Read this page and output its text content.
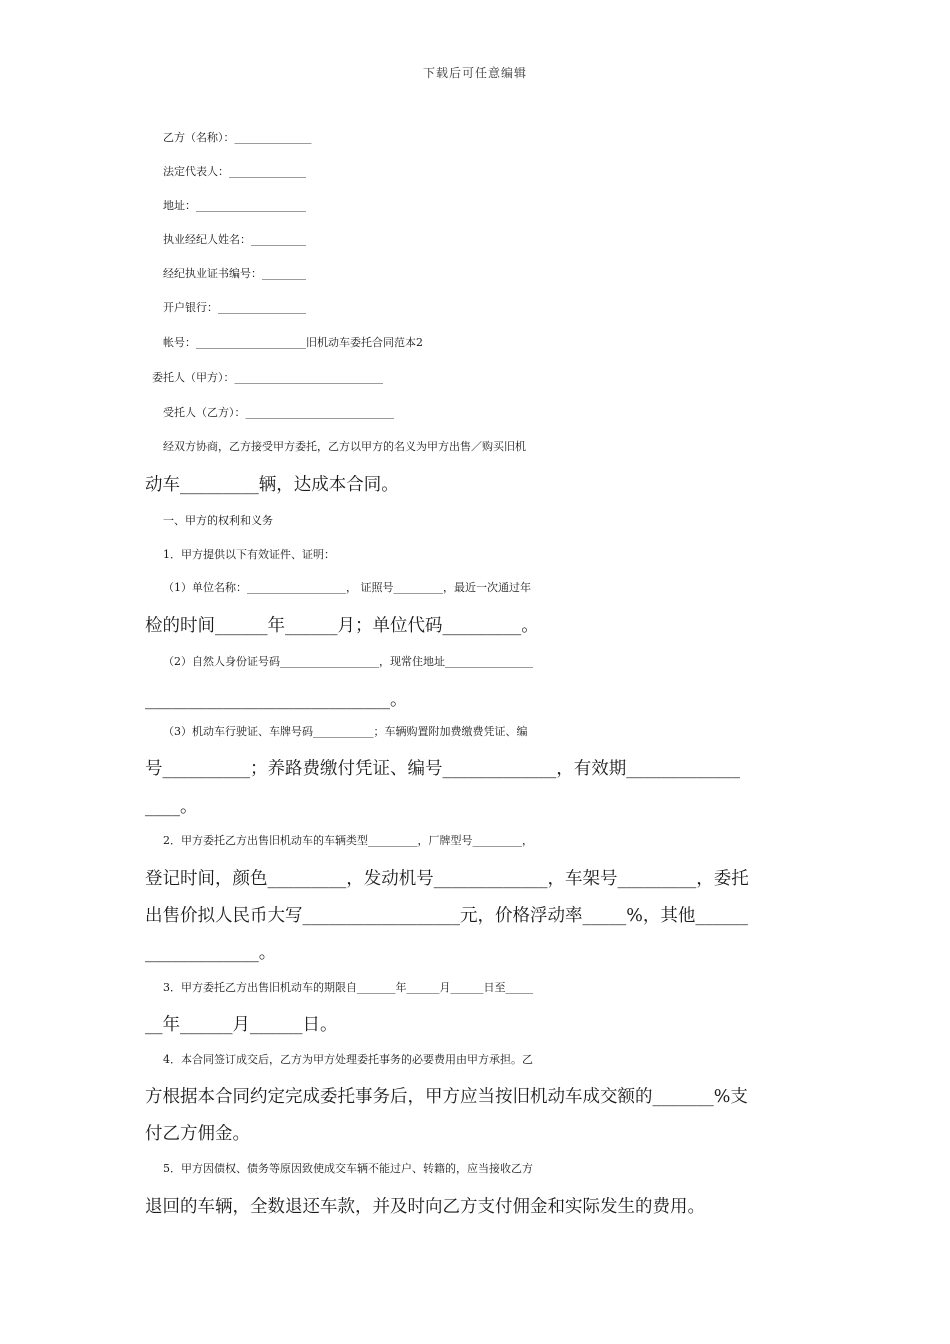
下载后可任意编辑
乙方（名称）：______________
法定代表人：______________
地址：____________________
执业经纪人姓名：__________
经纪执业证书编号：________
开户银行：________________
帐号：____________________旧机动车委托合同范本2
委托人（甲方）：___________________________
受托人（乙方）：___________________________
经双方协商，乙方接受甲方委托，乙方以甲方的名义为甲方出售／购买旧机
动车_________辆，达成本合同。
一、甲方的权利和义务
1．甲方提供以下有效证件、证明：
（1）单位名称：__________________， 证照号_________，最近一次通过年
检的时间______年______月；单位代码_________。
（2）自然人身份证号码__________________，现常住地址________________
____________________________。
（3）机动车行驶证、车牌号码___________；车辆购置附加费缴费凭证、编
号__________；养路费缴付凭证、编号_____________，有效期_____________
____。
2．甲方委托乙方出售旧机动车的车辆类型_________，厂牌型号_________，
登记时间，颜色_________，发动机号_____________，车架号_________，委托
出售价拟人民币大写__________________元，价格浮动率_____%，其他______
_____________。
3．甲方委托乙方出售旧机动车的期限自_______年______月______日至_____
__年______月______日。
4．本合同签订成交后，乙方为甲方处理委托事务的必要费用由甲方承担。乙
方根据本合同约定完成委托事务后，甲方应当按旧机动车成交额的_______%支
付乙方佣金。
5．甲方因债权、债务等原因致使成交车辆不能过户、转籍的，应当接收乙方
退回的车辆，全数退还车款，并及时向乙方支付佣金和实际发生的费用。
